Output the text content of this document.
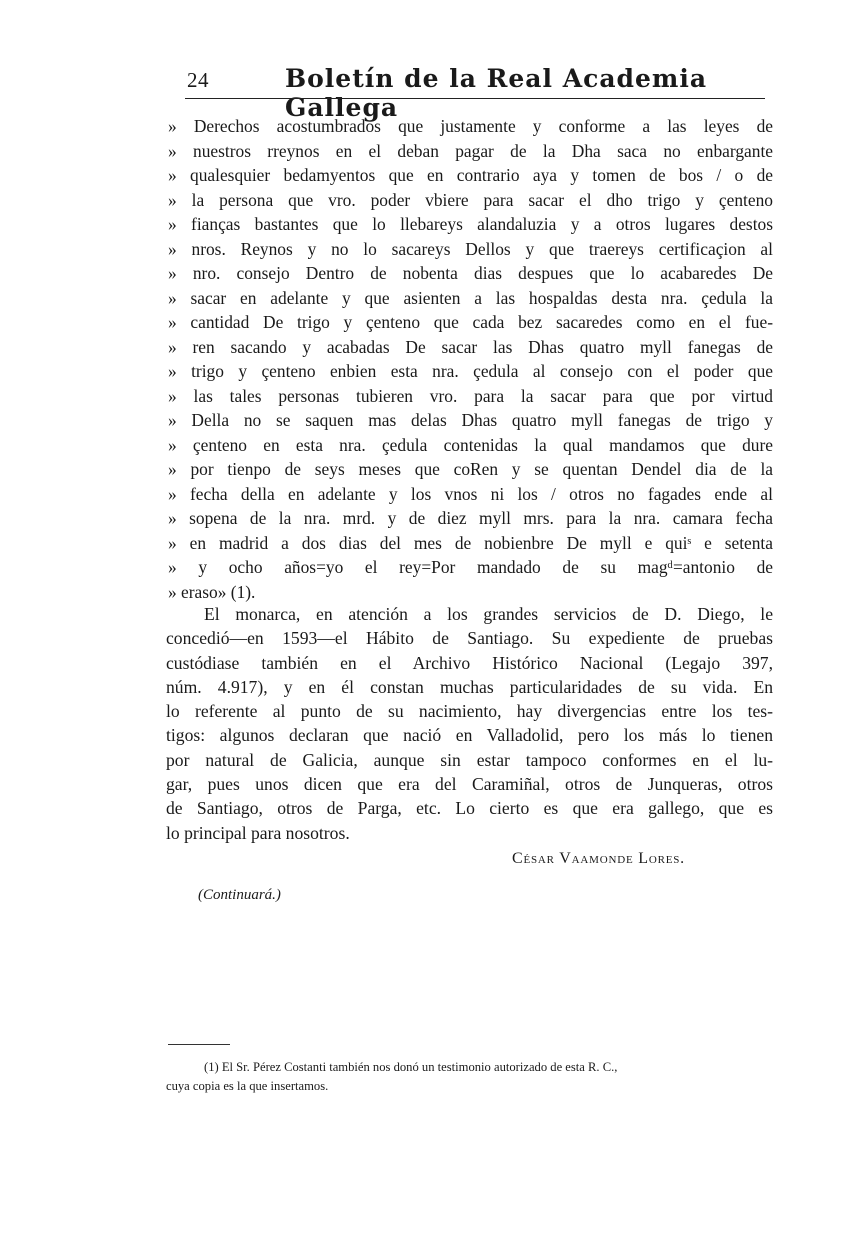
24	Boletín de la Real Academia Gallega
» Derechos acostumbrados que justamente y conforme a las leyes de
» nuestros rreynos en el deban pagar de la Dha saca no enbargante
» qualesquier bedamyentos que en contrario aya y tomen de bos / o de
» la persona que vro. poder vbiere para sacar el dho trigo y çenteno
» fianças bastantes que lo llebareys alandaluzia y a otros lugares destos
» nros. Reynos y no lo sacareys Dellos y que traereys certificaçion al
» nro. consejo Dentro de nobenta dias despues que lo acabaredes De
» sacar en adelante y que asienten a las hospaldas desta nra. çedula la
» cantidad De trigo y çenteno que cada bez sacaredes como en el fue-
» ren sacando y acabadas De sacar las Dhas quatro myll fanegas de
» trigo y çenteno enbien esta nra. çedula al consejo con el poder que
» las tales personas tubieren vro. para la sacar para que por virtud
» Della no se saquen mas delas Dhas quatro myll fanegas de trigo y
» çenteno en esta nra. çedula contenidas la qual mandamos que dure
» por tienpo de seys meses que coRen y se quentan Dendel dia de la
» fecha della en adelante y los vnos ni los / otros no fagades ende al
» sopena de la nra. mrd. y de diez myll mrs. para la nra. camara fecha
» en madrid a dos dias del mes de nobienbre De myll e quiˢ e setenta
» y ocho años=yo el rey=Por mandado de su magᵈ=antonio de
» eraso» (1).
El monarca, en atención a los grandes servicios de D. Diego, le
concedió—en 1593—el Hábito de Santiago. Su expediente de pruebas
custódiase también en el Archivo Histórico Nacional (Legajo 397,
núm. 4.917), y en él constan muchas particularidades de su vida. En
lo referente al punto de su nacimiento, hay divergencias entre los tes-
tigos: algunos declaran que nació en Valladolid, pero los más lo tienen
por natural de Galicia, aunque sin estar tampoco conformes en el lu-
gar, pues unos dicen que era del Caramiñal, otros de Junqueras, otros
de Santiago, otros de Parga, etc. Lo cierto es que era gallego, que es
lo principal para nosotros.
César Vaamonde Lores.
(Continuará.)
(1) El Sr. Pérez Costanti también nos donó un testimonio autorizado de esta R. C.,
cuya copia es la que insertamos.
